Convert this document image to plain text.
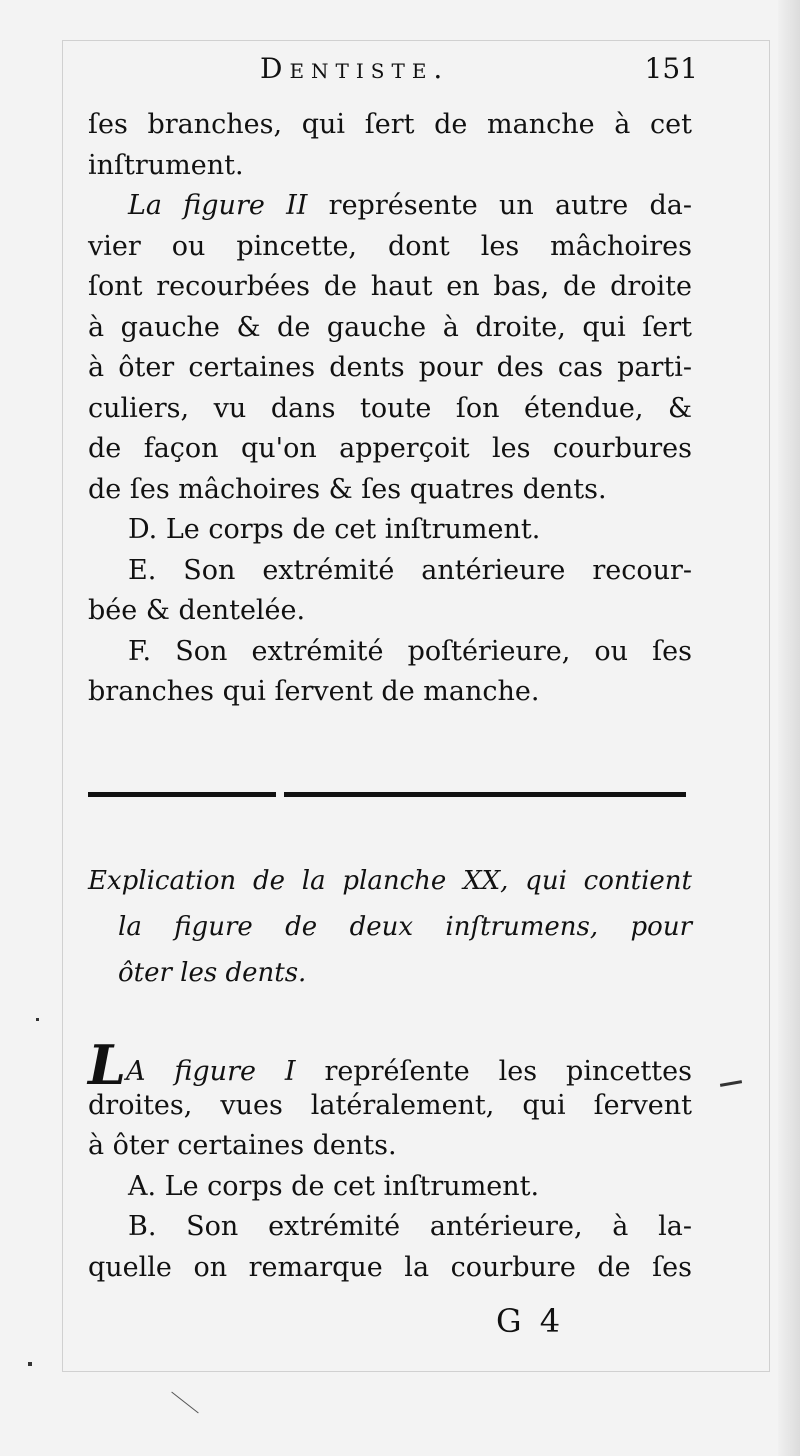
Dentiste.	151
ſes branches, qui ſert de manche à cet
inſtrument.
La figure II représente un autre da-
vier ou pincette, dont les mâchoires
ſont recourbées de haut en bas, de droite
à gauche & de gauche à droite, qui ſert
à ôter certaines dents pour des cas parti-
culiers, vu dans toute ſon étendue, &
de façon qu'on apperçoit les courbures
de ſes mâchoires & ſes quatres dents.
D. Le corps de cet inſtrument.
E. Son extrémité antérieure recour-
bée & dentelée.
F. Son extrémité poſtérieure, ou ſes
branches qui ſervent de manche.
Explication de la planche XX, qui contient
la figure de deux inſtrumens, pour
ôter les dents.
LA figure I repréſente les pincettes
droites, vues latéralement, qui ſervent
à ôter certaines dents.
A. Le corps de cet inſtrument.
B. Son extrémité antérieure, à la-
quelle on remarque la courbure de ſes
G 4
